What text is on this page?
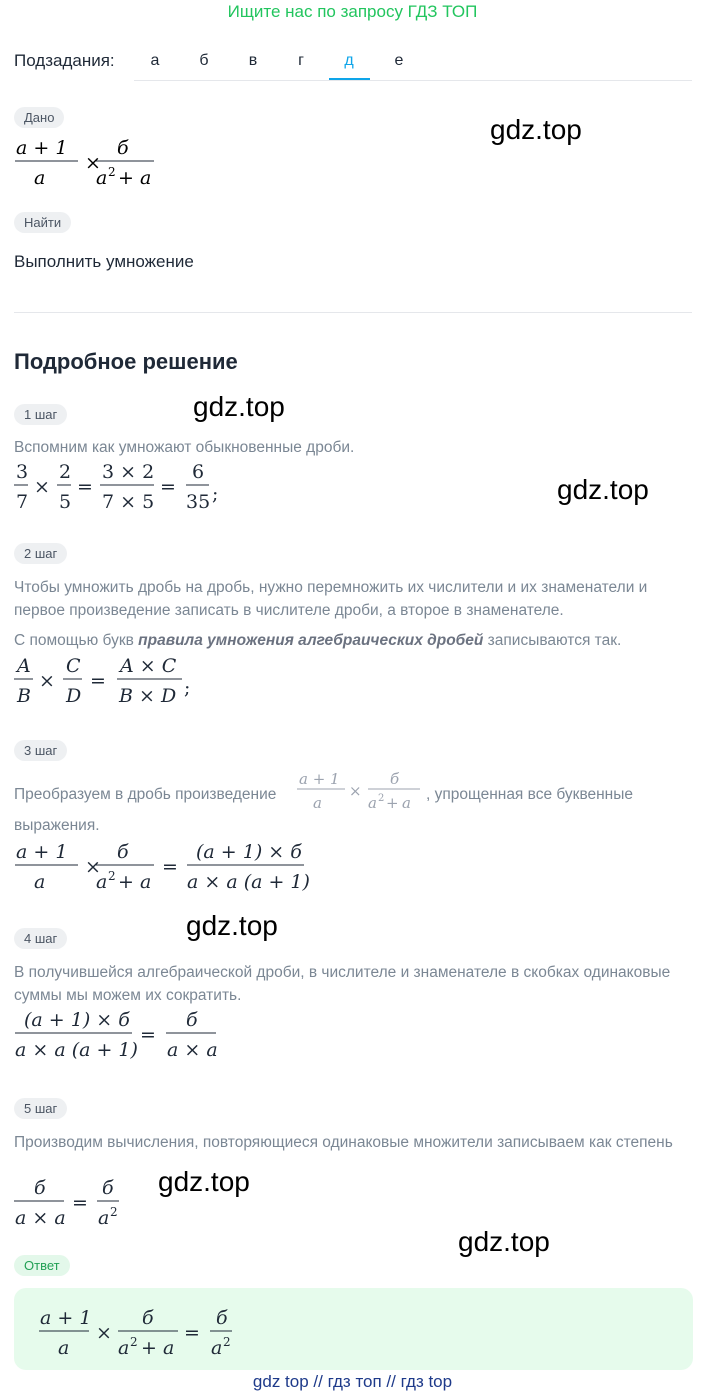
Ищите нас по запросу ГДЗ ТОП
Подзадания:	а	б	в	г	д	е
Дано
a + 1
a
×
б
a 2 + a
Найти
Выполнить умножение
Подробное решение
1 шаг
Вспомним как умножают обыкновенные дроби.
3
7
×
2
5
=
3 × 2
7 × 5
=
6
35 ;
2 шаг
Чтобы умножить дробь на дробь, нужно перемножить их числители и их знаменатели и первое произведение записать в числителе дроби, а второе в знаменателе.
С помощью букв правила умножения алгебраических дробей записываются так.
A
B
×
C
D
=
A × C
B × D ;
3 шаг
Преобразуем в дробь произведение
a + 1
a
×
б
a 2 + a , упрощенная все буквенные
выражения.
a + 1
a
×
б
a 2 + a
=
(a + 1) × б
a × a (a + 1)
4 шаг
В получившейся алгебраической дроби, в числителе и знаменателе в скобках одинаковые суммы мы можем их сократить.
(a + 1) × б
a × a (a + 1)
=
б
a × a
5 шаг
Производим вычисления, повторяющиеся одинаковые множители записываем как степень
б
a × a
=
б
a 2
Ответ
a + 1
a
×
б
a 2 + a
=
б
a 2
gdz.top
gdz.top
gdz.top
gdz.top
gdz.top
gdz.top
gdz top // гдз топ // гдз top
